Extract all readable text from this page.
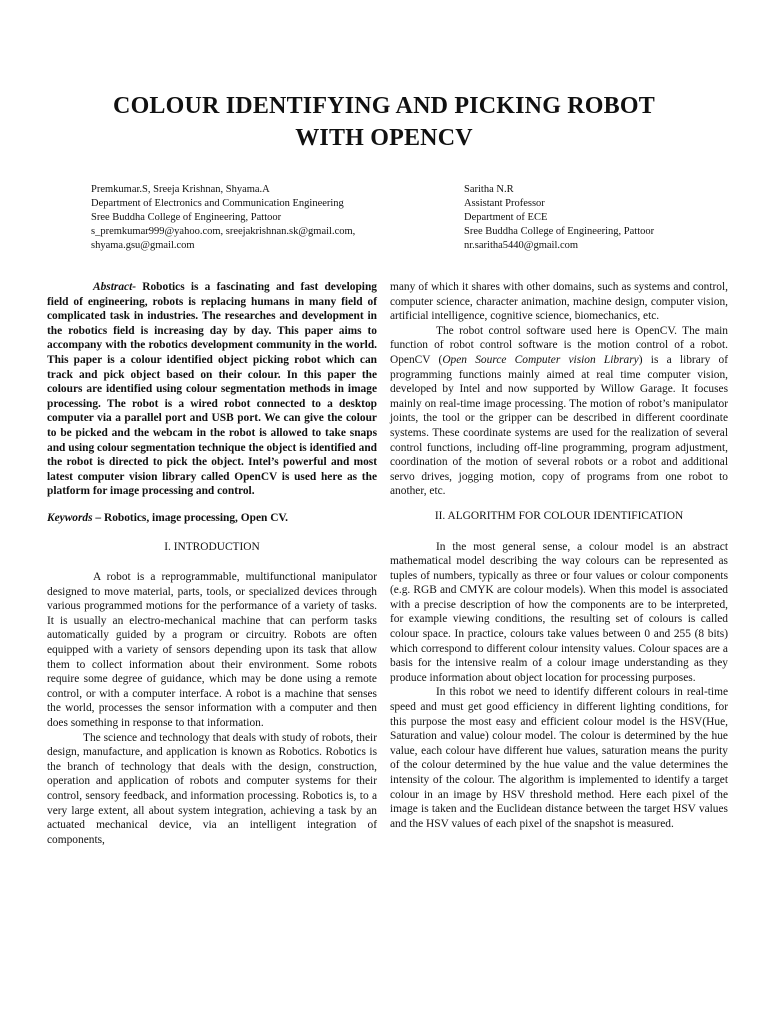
COLOUR IDENTIFYING AND PICKING ROBOT
WITH OPENCV
Premkumar.S, Sreeja Krishnan, Shyama.A
Department of Electronics and Communication Engineering
Sree Buddha College of Engineering, Pattoor
s_premkumar999@yahoo.com, sreejakrishnan.sk@gmail.com,
shyama.gsu@gmail.com
Saritha N.R
Assistant Professor
Department of ECE
Sree Buddha College of Engineering, Pattoor
nr.saritha5440@gmail.com

Abstract- Robotics is a fascinating and fast developing field of engineering, robots is replacing humans in many field of complicated task in industries. The researches and development in the robotics field is increasing day by day. This paper aims to accompany with the robotics development community in the world. This paper is a colour identified object picking robot which can track and pick object based on their colour. In this paper the colours are identified using colour segmentation methods in image processing. The robot is a wired robot connected to a desktop computer via a parallel port and USB port. We can give the colour to be picked and the webcam in the robot is allowed to take snaps and using colour segmentation technique the object is identified and the robot is directed to pick the object. Intel’s powerful and most latest computer vision library called OpenCV is used here as the platform for image processing and control.

Keywords – Robotics, image processing, Open CV.

I. INTRODUCTION

A robot is a reprogrammable, multifunctional manipulator designed to move material, parts, tools, or specialized devices through various programmed motions for the performance of a variety of tasks. It is usually an electro-mechanical machine that can perform tasks automatically guided by a program or circuitry. Robots are often equipped with a variety of sensors depending upon its task that allow them to collect information about their environment. Some robots require some degree of guidance, which may be done using a remote control, or with a computer interface. A robot is a machine that senses the world, processes the sensor information with a computer and then does something in response to that information.

The science and technology that deals with study of robots, their design, manufacture, and application is known as Robotics. Robotics is the branch of technology that deals with the design, construction, operation and application of robots and computer systems for their control, sensory feedback, and information processing. Robotics is, to a very large extent, all about system integration, achieving a task by an actuated mechanical device, via an intelligent integration of components,

many of which it shares with other domains, such as systems and control, computer science, character animation, machine design, computer vision, artificial intelligence, cognitive science, biomechanics, etc.

The robot control software used here is OpenCV. The main function of robot control software is the motion control of a robot. OpenCV (Open Source Computer vision Library) is a library of programming functions mainly aimed at real time computer vision, developed by Intel and now supported by Willow Garage. It focuses mainly on real-time image processing. The motion of robot’s manipulator joints, the tool or the gripper can be described in different coordinate systems. These coordinate systems are used for the realization of several control functions, including off-line programming, program adjustment, coordination of the motion of several robots or a robot and additional servo drives, jogging motion, copy of programs from one robot to another, etc.

II. ALGORITHM FOR COLOUR IDENTIFICATION

In the most general sense, a colour model is an abstract mathematical model describing the way colours can be represented as tuples of numbers, typically as three or four values or colour components (e.g. RGB and CMYK are colour models). When this model is associated with a precise description of how the components are to be interpreted, for example viewing conditions, the resulting set of colours is called colour space. In practice, colours take values between 0 and 255 (8 bits) which correspond to different colour intensity values. Colour spaces are a basis for the intensive realm of a colour image understanding as they produce information about object location for processing purposes.

In this robot we need to identify different colours in real-time speed and must get good efficiency in different lighting conditions, for this purpose the most easy and efficient colour model is the HSV(Hue, Saturation and value) colour model. The colour is determined by the hue value, each colour have different hue values, saturation means the purity of the colour determined by the hue value and the value determines the intensity of the colour. The algorithm is implemented to identify a target colour in an image by HSV threshold method. Here each pixel of the image is taken and the Euclidean distance between the target HSV values and the HSV values of each pixel of the snapshot is measured.
